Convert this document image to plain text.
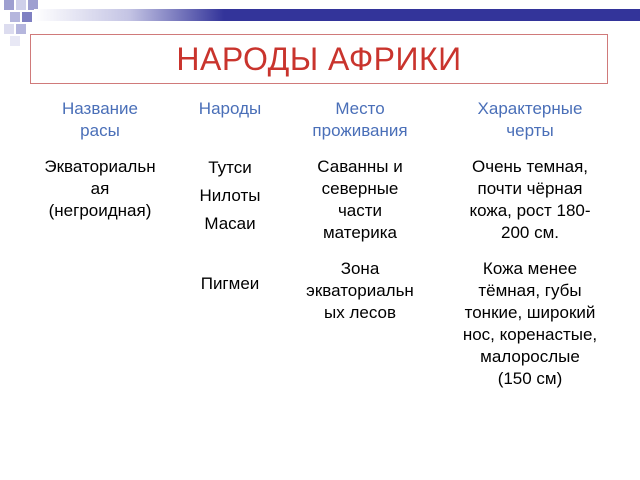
НАРОДЫ АФРИКИ
Название
расы
Народы	Место
проживания
Характерные
черты
Экваториальн
ая
(негроидная)
Тутси
Нилоты
Масаи
Саванны и
северные
части
материка
Очень темная,
почти чёрная
кожа, рост 180-
200 см.
Пигмеи
Зона
экваториальн
ых лесов
Кожа менее
тёмная, губы
тонкие, широкий
нос, коренастые,
малорослые
(150 см)
